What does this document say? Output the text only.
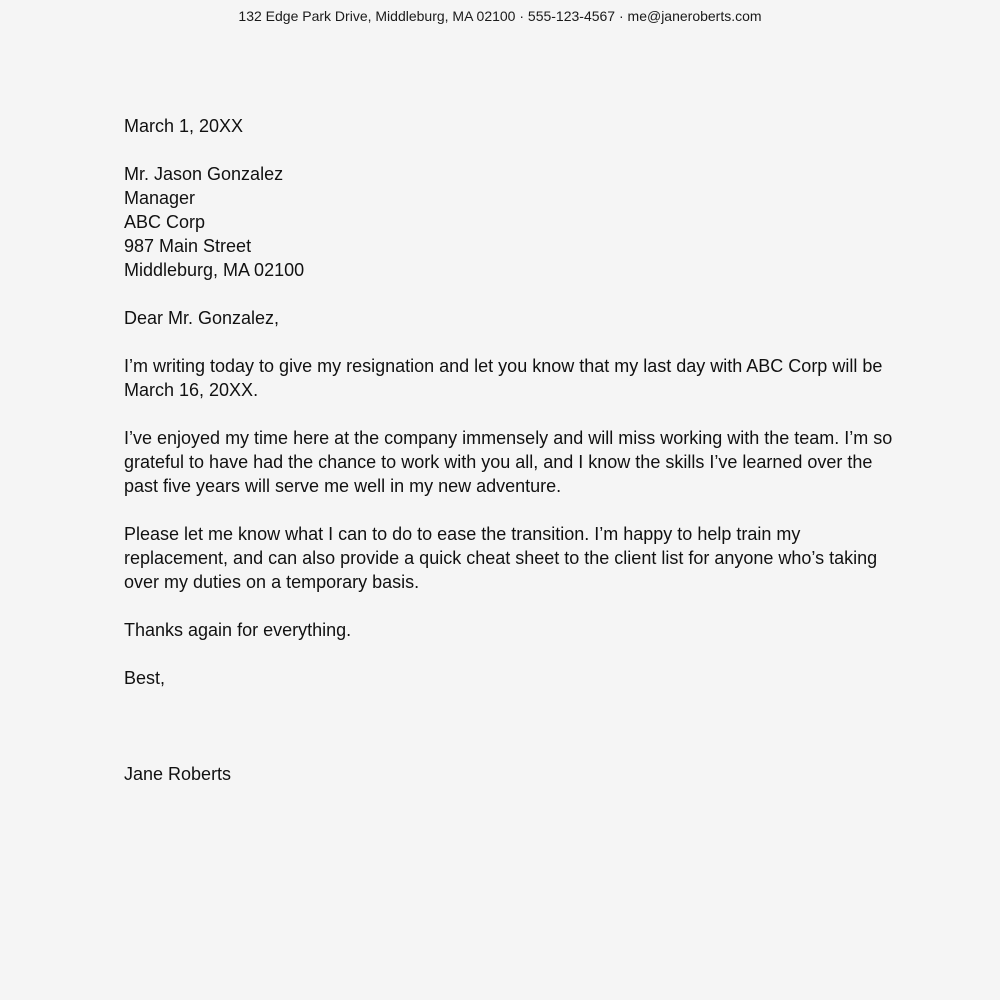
132 Edge Park Drive, Middleburg, MA 02100 · 555-123-4567 · me@janeroberts.com

March 1, 20XX

Mr. Jason Gonzalez

Manager

ABC Corp

987 Main Street

Middleburg, MA 02100

Dear Mr. Gonzalez,

I’m writing today to give my resignation and let you know that my last day with ABC Corp will be March 16, 20XX.

I’ve enjoyed my time here at the company immensely and will miss working with the team. I’m so grateful to have had the chance to work with you all, and I know the skills I’ve learned over the past five years will serve me well in my new adventure.

Please let me know what I can to do to ease the transition. I’m happy to help train my replacement, and can also provide a quick cheat sheet to the client list for anyone who’s taking over my duties on a temporary basis.

Thanks again for everything.

Best,

Jane Roberts
